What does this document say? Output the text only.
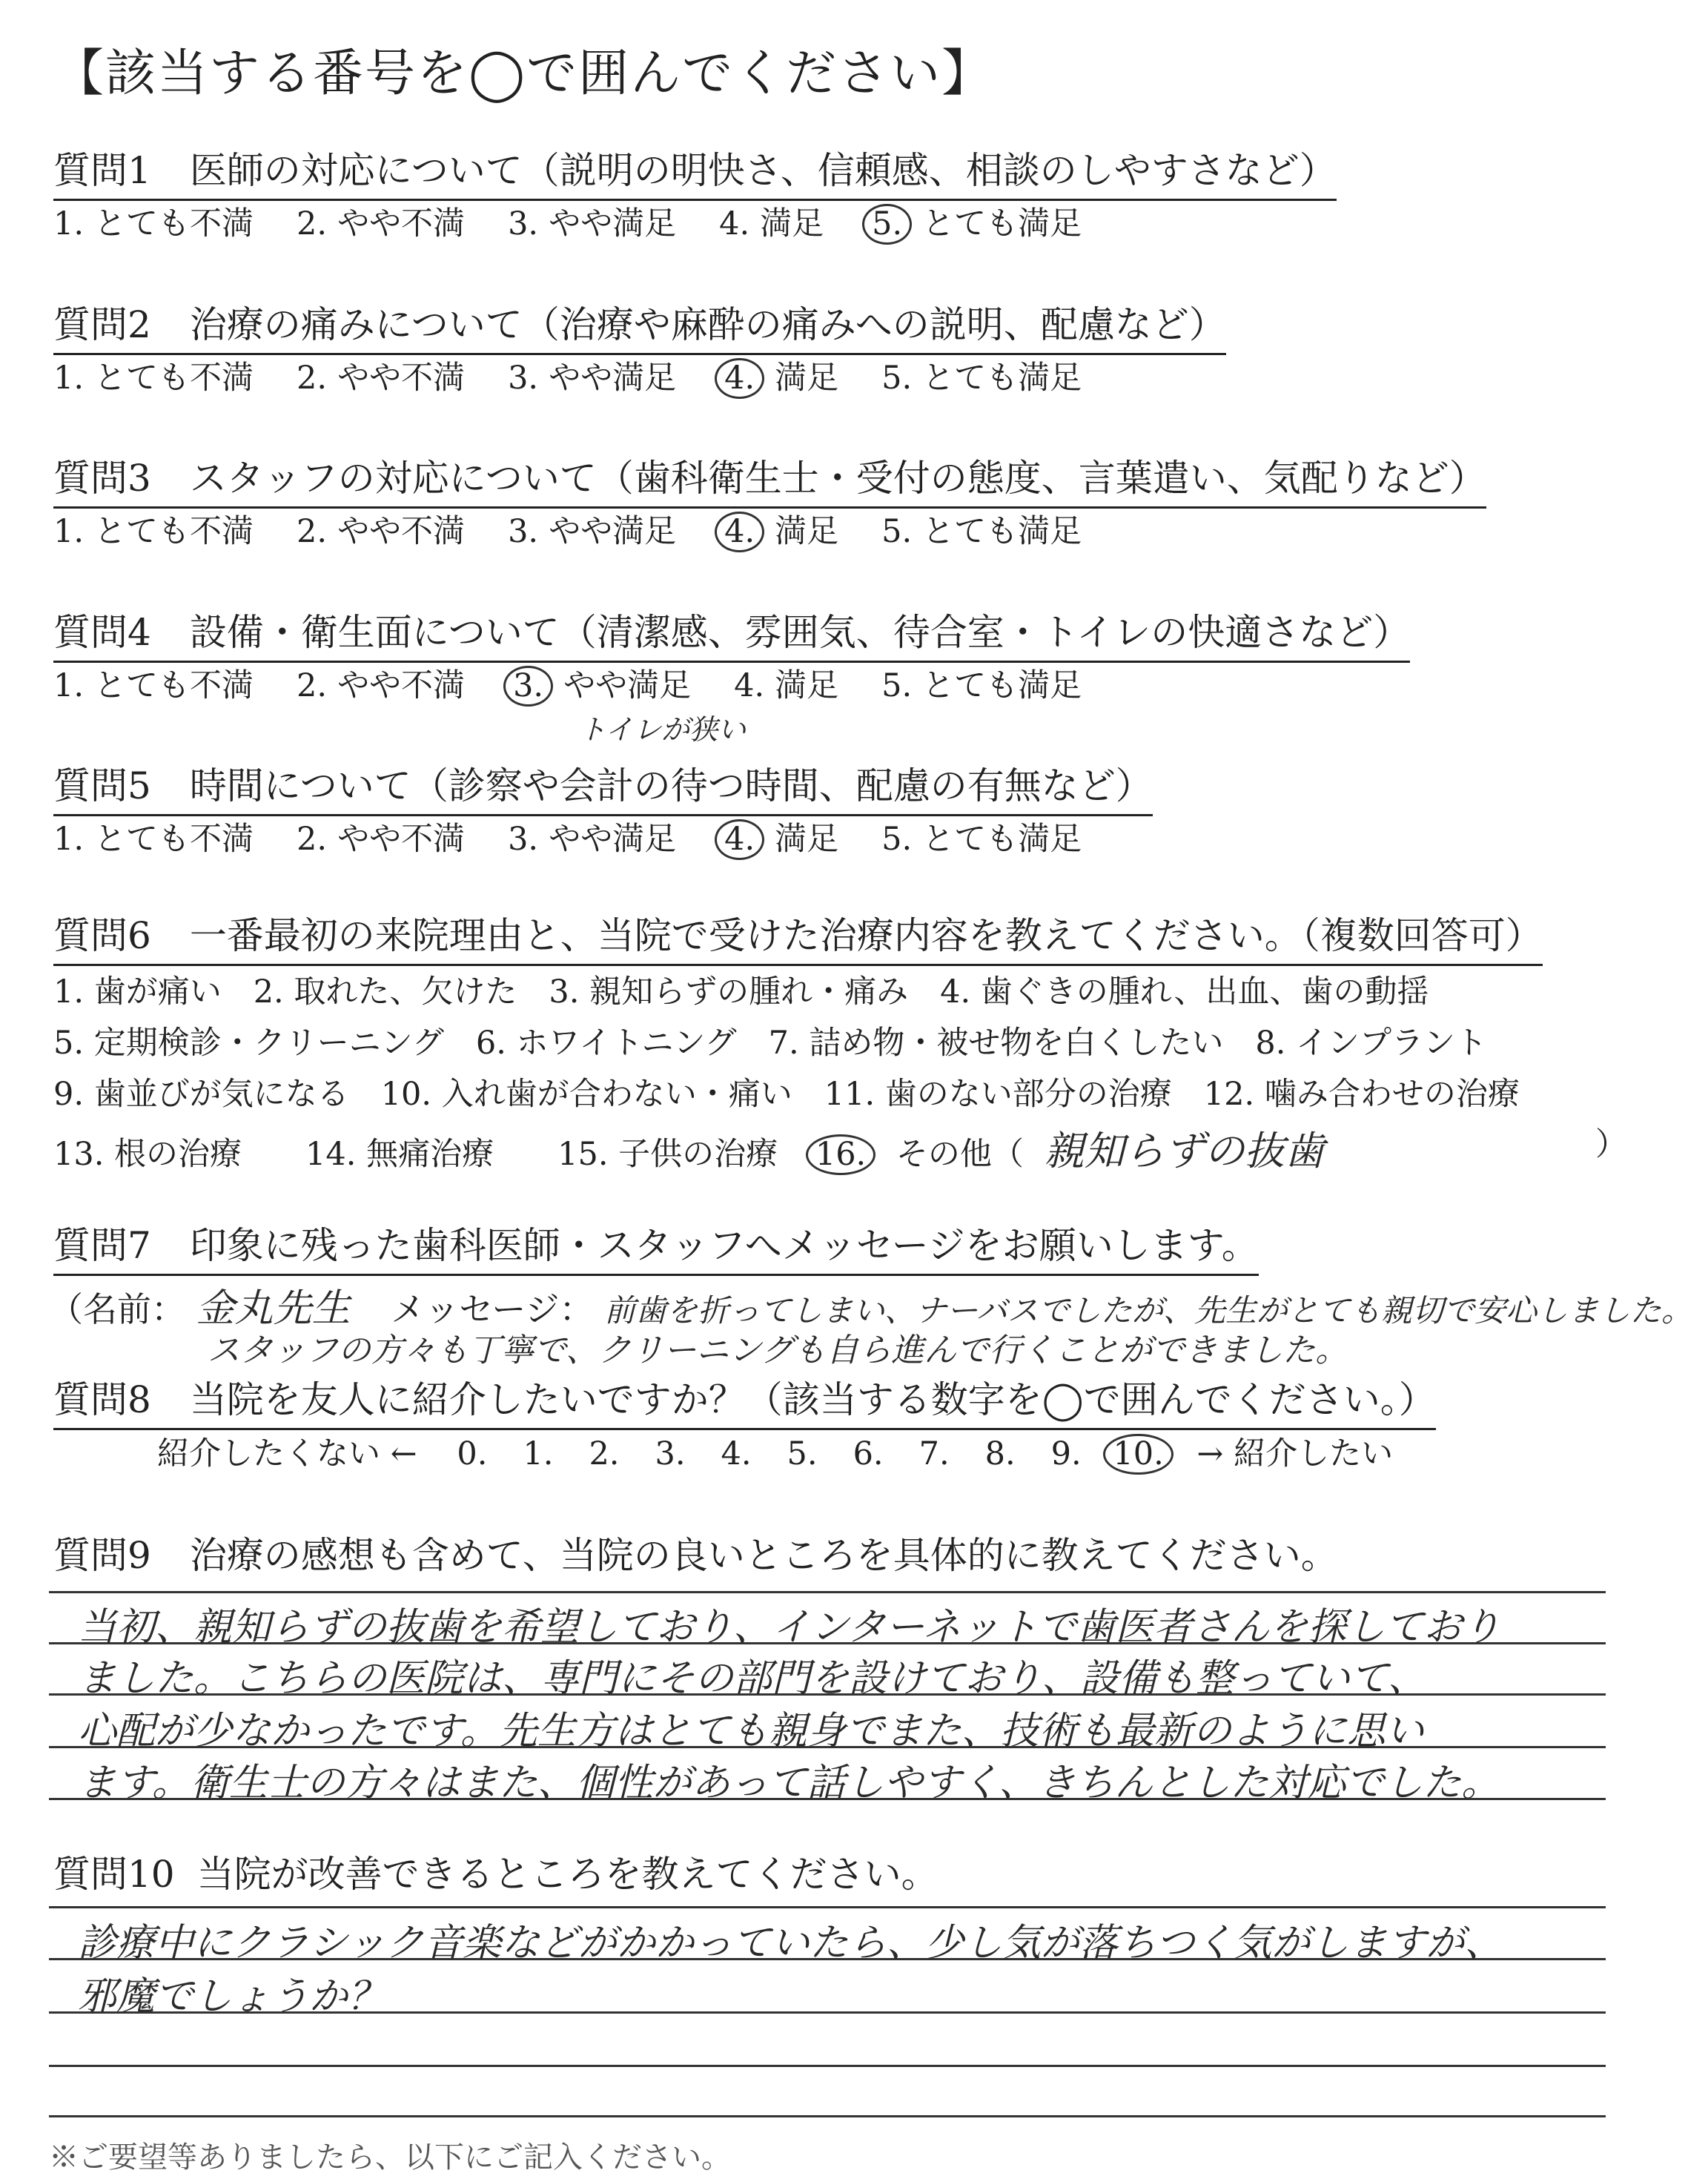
【該当する番号を◯で囲んでください】
質問1 医師の対応について（説明の明快さ、信頼感、相談のしやすさなど）
1. とても不満 2. やや不満 3. やや満足 4. 満足 5. とても満足
質問2 治療の痛みについて（治療や麻酔の痛みへの説明、配慮など）
1. とても不満 2. やや不満 3. やや満足 4. 満足 5. とても満足
質問3 スタッフの対応について（歯科衛生士・受付の態度、言葉遣い、気配りなど）
1. とても不満 2. やや不満 3. やや満足 4. 満足 5. とても満足
質問4 設備・衛生面について（清潔感、雰囲気、待合室・トイレの快適さなど）
1. とても不満 2. やや不満 3. やや満足 4. 満足 5. とても満足
トイレが狭い
質問5 時間について（診察や会計の待つ時間、配慮の有無など）
1. とても不満 2. やや不満 3. やや満足 4. 満足 5. とても満足
質問6 一番最初の来院理由と、当院で受けた治療内容を教えてください。（複数回答可）
1. 歯が痛い　2. 取れた、欠けた　3. 親知らずの腫れ・痛み　4. 歯ぐきの腫れ、出血、歯の動揺
5. 定期検診・クリーニング　6. ホワイトニング　7. 詰め物・被せ物を白くしたい　8. インプラント
9. 歯並びが気になる　10. 入れ歯が合わない・痛い　11. 歯のない部分の治療　12. 噛み合わせの治療
13. 根の治療　　14. 無痛治療　　15. 子供の治療 16. その他（ 親知らずの抜歯	）
質問7 印象に残った歯科医師・スタッフへメッセージをお願いします。
（名前： 金丸先生 メッセージ： 前歯を折ってしまい、ナーバスでしたが、先生がとても親切で安心しました。
スタッフの方々も丁寧で、クリーニングも自ら進んで行くことができました。
質問8 当院を友人に紹介したいですか？（該当する数字を◯で囲んでください。）
紹介したくない ← 0. 1. 2. 3. 4. 5. 6. 7. 8. 9. 10. → 紹介したい
質問9 治療の感想も含めて、当院の良いところを具体的に教えてください。
当初、親知らずの抜歯を希望しており、インターネットで歯医者さんを探しており
ました。こちらの医院は、専門にその部門を設けており、設備も整っていて、
心配が少なかったです。先生方はとても親身でまた、技術も最新のように思い
ます。衛生士の方々はまた、個性があって話しやすく、きちんとした対応でした。
質問10 当院が改善できるところを教えてください。
診療中にクラシック音楽などがかかっていたら、少し気が落ちつく気がしますが、
邪魔でしょうか？
※ご要望等ありましたら、以下にご記入ください。
